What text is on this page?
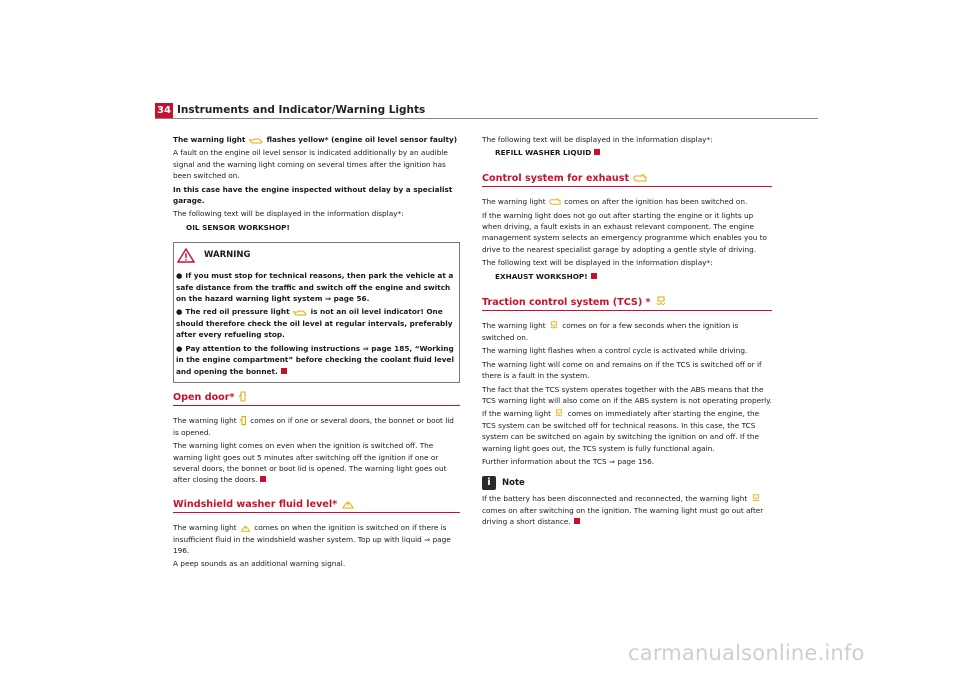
34 Instruments and Indicator/Warning Lights

The warning light	flashes yellow* (engine oil level sensor faulty)

A fault on the engine oil level sensor is indicated additionally by an audible signal and the warning light coming on several times after the ignition has been switched on.

In this case have the engine inspected without delay by a specialist garage.

The following text will be displayed in the information display*:

OIL SENSOR WORKSHOP!

WARNING

● If you must stop for technical reasons, then park the vehicle at a safe distance from the traffic and switch off the engine and switch on the hazard warning light system ⇒ page 56.

● The red oil pressure light	is not an oil level indicator! One should therefore check the oil level at regular intervals, preferably after every refueling stop.

● Pay attention to the following instructions ⇒ page 185, “Working in the engine compartment” before checking the coolant fluid level and opening the bonnet.

Open door*

The warning light comes on if one or several doors, the bonnet or boot lid is opened.

The warning light comes on even when the ignition is switched off. The warning light goes out 5 minutes after switching off the ignition if one or several doors, the bonnet or boot lid is opened. The warning light goes out after closing the doors.

Windshield washer fluid level*

The warning light comes on when the ignition is switched on if there is insufficient fluid in the windshield washer system. Top up with liquid ⇒ page 196.

A peep sounds as an additional warning signal.

The following text will be displayed in the information display*:

REFILL WASHER LIQUID

Control system for exhaust

The warning light	comes on after the ignition has been switched on.

If the warning light does not go out after starting the engine or it lights up when driving, a fault exists in an exhaust relevant component. The engine management system selects an emergency programme which enables you to drive to the nearest specialist garage by adopting a gentle style of driving.

The following text will be displayed in the information display*:

EXHAUST WORKSHOP!

Traction control system (TCS) *

The warning light comes on for a few seconds when the ignition is switched on.

The warning light flashes when a control cycle is activated while driving.

The warning light will come on and remains on if the TCS is switched off or if there is a fault in the system.

The fact that the TCS system operates together with the ABS means that the TCS warning light will also come on if the ABS system is not operating properly.

If the warning light comes on immediately after starting the engine, the TCS system can be switched off for technical reasons. In this case, the TCS system can be switched on again by switching the ignition on and off. If the warning light goes out, the TCS system is fully functional again.

Further information about the TCS ⇒ page 156.

i	Note

If the battery has been disconnected and reconnected, the warning light
comes on after switching on the ignition. The warning light must go out after driving a short distance.

carmanualsonline.info
